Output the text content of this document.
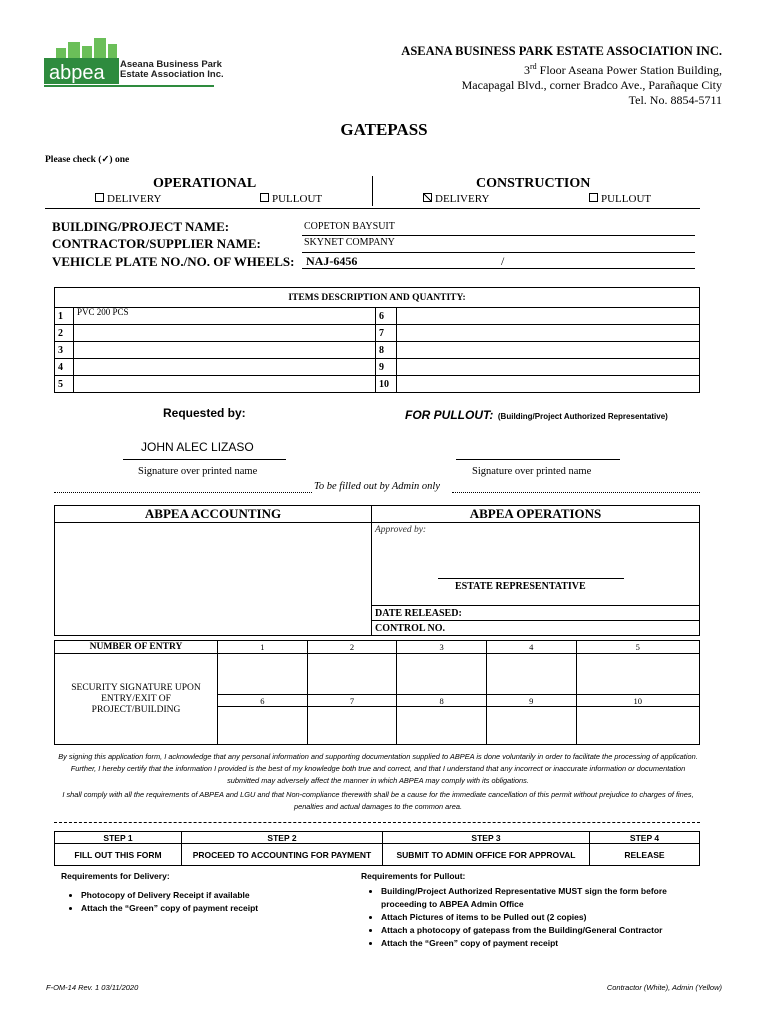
abpea Aseana Business Park
Estate Association Inc.
ASEANA BUSINESS PARK ESTATE ASSOCIATION INC.
3rd Floor Aseana Power Station Building,
Macapagal Blvd., corner Bradco Ave., Parañaque City
Tel. No. 8854-5711
GATEPASS
Please check (✓) one
OPERATIONAL	CONSTRUCTION
DELIVERY	PULLOUT	DELIVERY	PULLOUT
BUILDING/PROJECT NAME:	COPETON BAYSUIT
CONTRACTOR/SUPPLIER NAME:	SKYNET COMPANY
VEHICLE PLATE NO./NO. OF WHEELS: NAJ-6456	/
ITEMS DESCRIPTION AND QUANTITY:			
1	PVC 200 PCS	6	
2		7	
3		8	
4		9	
5		10	
Requested by:	FOR PULLOUT: (Building/Project Authorized Representative)
JOHN ALEC LIZASO
Signature over printed name	Signature over printed name
To be filled out by Admin only
ABPEA ACCOUNTING	ABPEA OPERATIONS

	Approved by:
ESTATE REPRESENTATIVE

	DATE RELEASED:
	CONTROL NO.
NUMBER OF ENTRY	1	2	3	4	5
SECURITY SIGNATURE UPON ENTRY/EXIT OF PROJECT/BUILDING					
	6	7	8	9	10

By signing this application form, I acknowledge that any personal information and supporting documentation supplied to ABPEA is done voluntarily in order to facilitate the processing of application. Further, I hereby certify that the information I provided is the best of my knowledge both true and correct, and that I understand that any incorrect or inaccurate information or documentation submitted may adversely affect the manner in which ABPEA may comply with its obligations.
I shall comply with all the requirements of ABPEA and LGU and that Non-compliance therewith shall be a cause for the immediate cancellation of this permit without prejudice to charges of fines, penalties and actual damages to the common area.
STEP 1	STEP 2	STEP 3	STEP 4
FILL OUT THIS FORM	PROCEED TO ACCOUNTING FOR PAYMENT	SUBMIT TO ADMIN OFFICE FOR APPROVAL	RELEASE
Requirements for Delivery:
• Photocopy of Delivery Receipt if available
• Attach the “Green” copy of payment receipt
Requirements for Pullout:
• Building/Project Authorized Representative MUST sign the form before proceeding to ABPEA Admin Office
• Attach Pictures of items to be Pulled out (2 copies)
• Attach a photocopy of gatepass from the Building/General Contractor
• Attach the “Green” copy of payment receipt
F-OM-14 Rev. 1 03/11/2020	Contractor (White), Admin (Yellow)
